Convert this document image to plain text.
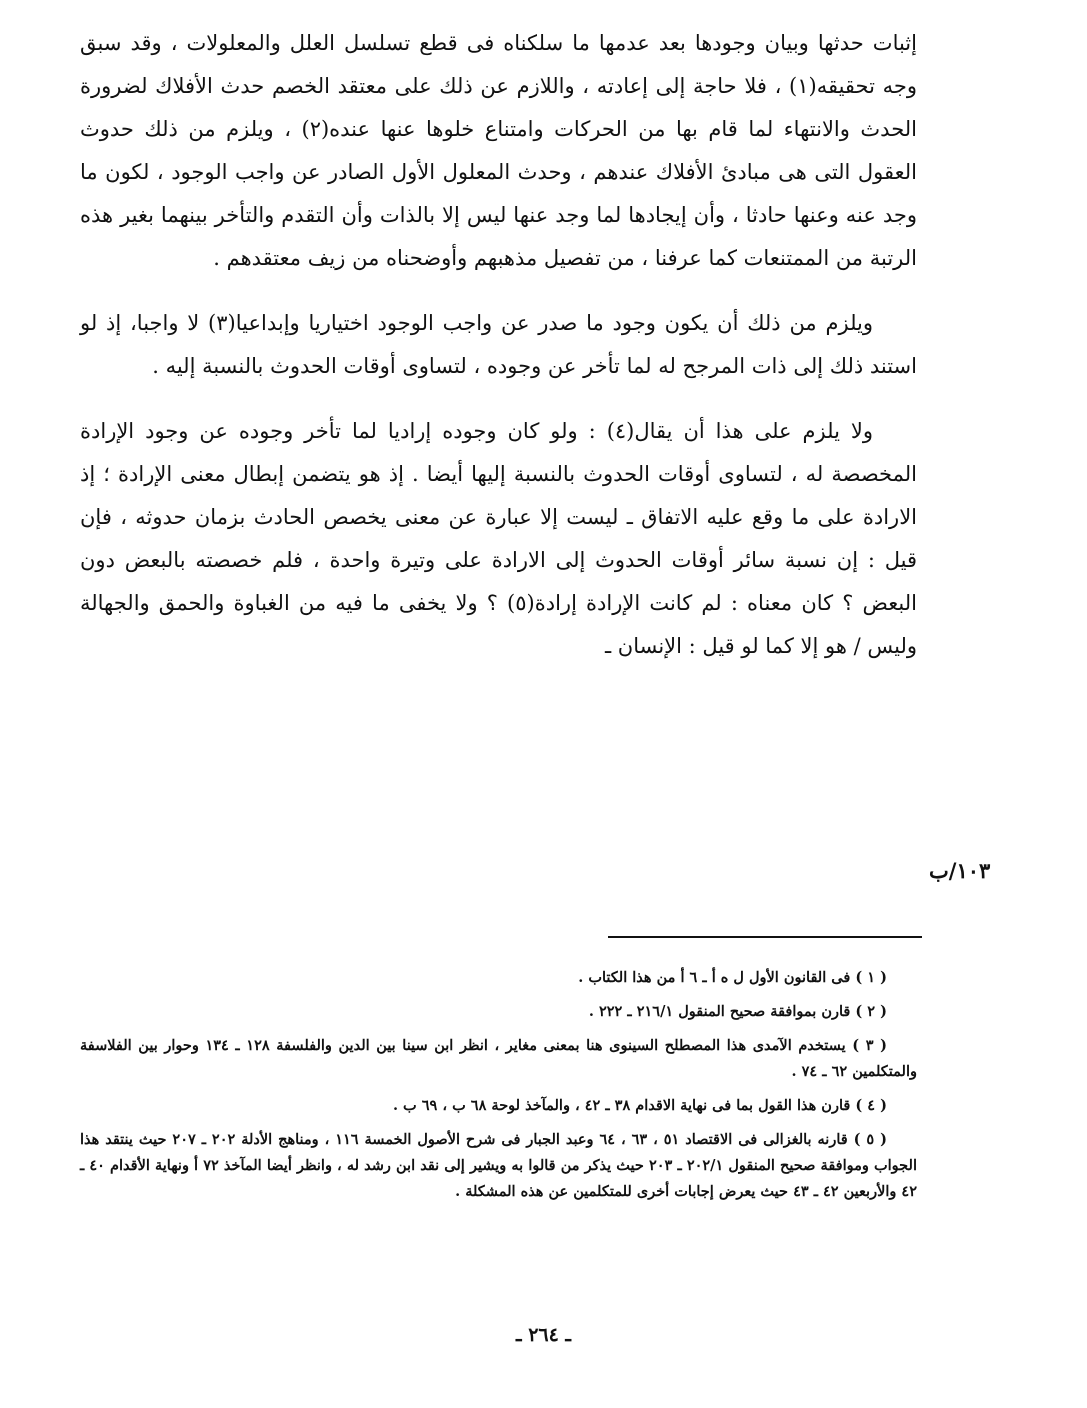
إثبات حدثها وبيان وجودها بعد عدمها ما سلكناه فى قطع تسلسل العلل والمعلولات ، وقد سبق وجه تحقيقه(١) ، فلا حاجة إلى إعادته ، واللازم عن ذلك على معتقد الخصم حدث الأفلاك لضرورة الحدث والانتهاء لما قام بها من الحركات وامتناع خلوها عنها عنده(٢) ، ويلزم من ذلك حدوث العقول التى هى مبادئ الأفلاك عندهم ، وحدث المعلول الأول الصادر عن واجب الوجود ، لكون ما وجد عنه وعنها حادثا ، وأن إيجادها لما وجد عنها ليس إلا بالذات وأن التقدم والتأخر بينهما بغير هذه الرتبة من الممتنعات كما عرفنا ، من تفصيل مذهبهم وأوضحناه من زيف معتقدهم .

ويلزم من ذلك أن يكون وجود ما صدر عن واجب الوجود اختياريا وإبداعيا(٣) لا واجبا، إذ لو استند ذلك إلى ذات المرجح له لما تأخر عن وجوده ، لتساوى أوقات الحدوث بالنسبة إليه .

ولا يلزم على هذا أن يقال(٤) : ولو كان وجوده إراديا لما تأخر وجوده عن وجود الإرادة المخصصة له ، لتساوى أوقات الحدوث بالنسبة إليها أيضا . إذ هو يتضمن إبطال معنى الإرادة ؛ إذ الارادة على ما وقع عليه الاتفاق ـ ليست إلا عبارة عن معنى يخصص الحادث بزمان حدوثه ، فإن قيل : إن نسبة سائر أوقات الحدوث إلى الارادة على وتيرة واحدة ، فلم خصصته بالبعض دون البعض ؟ كان معناه : لم كانت الإرادة إرادة(٥) ؟ ولا يخفى ما فيه من الغباوة والحمق والجهالة وليس / هو إلا كما لو قيل : الإنسان ـ

١٠٣/ب

( ١ ) فى القانون الأول ل ه أ ـ ٦ أ من هذا الكتاب .

( ٢ ) قارن بموافقة صحيح المنقول ٢١٦/١ ـ ٢٢٢ .

( ٣ ) يستخدم الآمدى هذا المصطلح السينوى هنا بمعنى مغاير ، انظر ابن سينا بين الدين والفلسفة ١٢٨ ـ ١٣٤ وحوار بين الفلاسفة والمتكلمين ٦٢ ـ ٧٤ .

( ٤ ) قارن هذا القول بما فى نهاية الاقدام ٣٨ ـ ٤٢ ، والمآخذ لوحة ٦٨ ب ، ٦٩ ب .

( ٥ ) قارنه بالغزالى فى الاقتصاد ٥١ ، ٦٣ ، ٦٤ وعبد الجبار فى شرح الأصول الخمسة ١١٦ ، ومناهج الأدلة ٢٠٢ ـ ٢٠٧ حيث ينتقد هذا الجواب وموافقة صحيح المنقول ٢٠٢/١ ـ ٢٠٣ حيث يذكر من قالوا به ويشير إلى نقد ابن رشد له ، وانظر أيضا المآخذ ٧٢ أ ونهاية الأقدام ٤٠ ـ ٤٢ والأربعين ٤٢ ـ ٤٣ حيث يعرض إجابات أخرى للمتكلمين عن هذه المشكلة .

ـ ٢٦٤ ـ
